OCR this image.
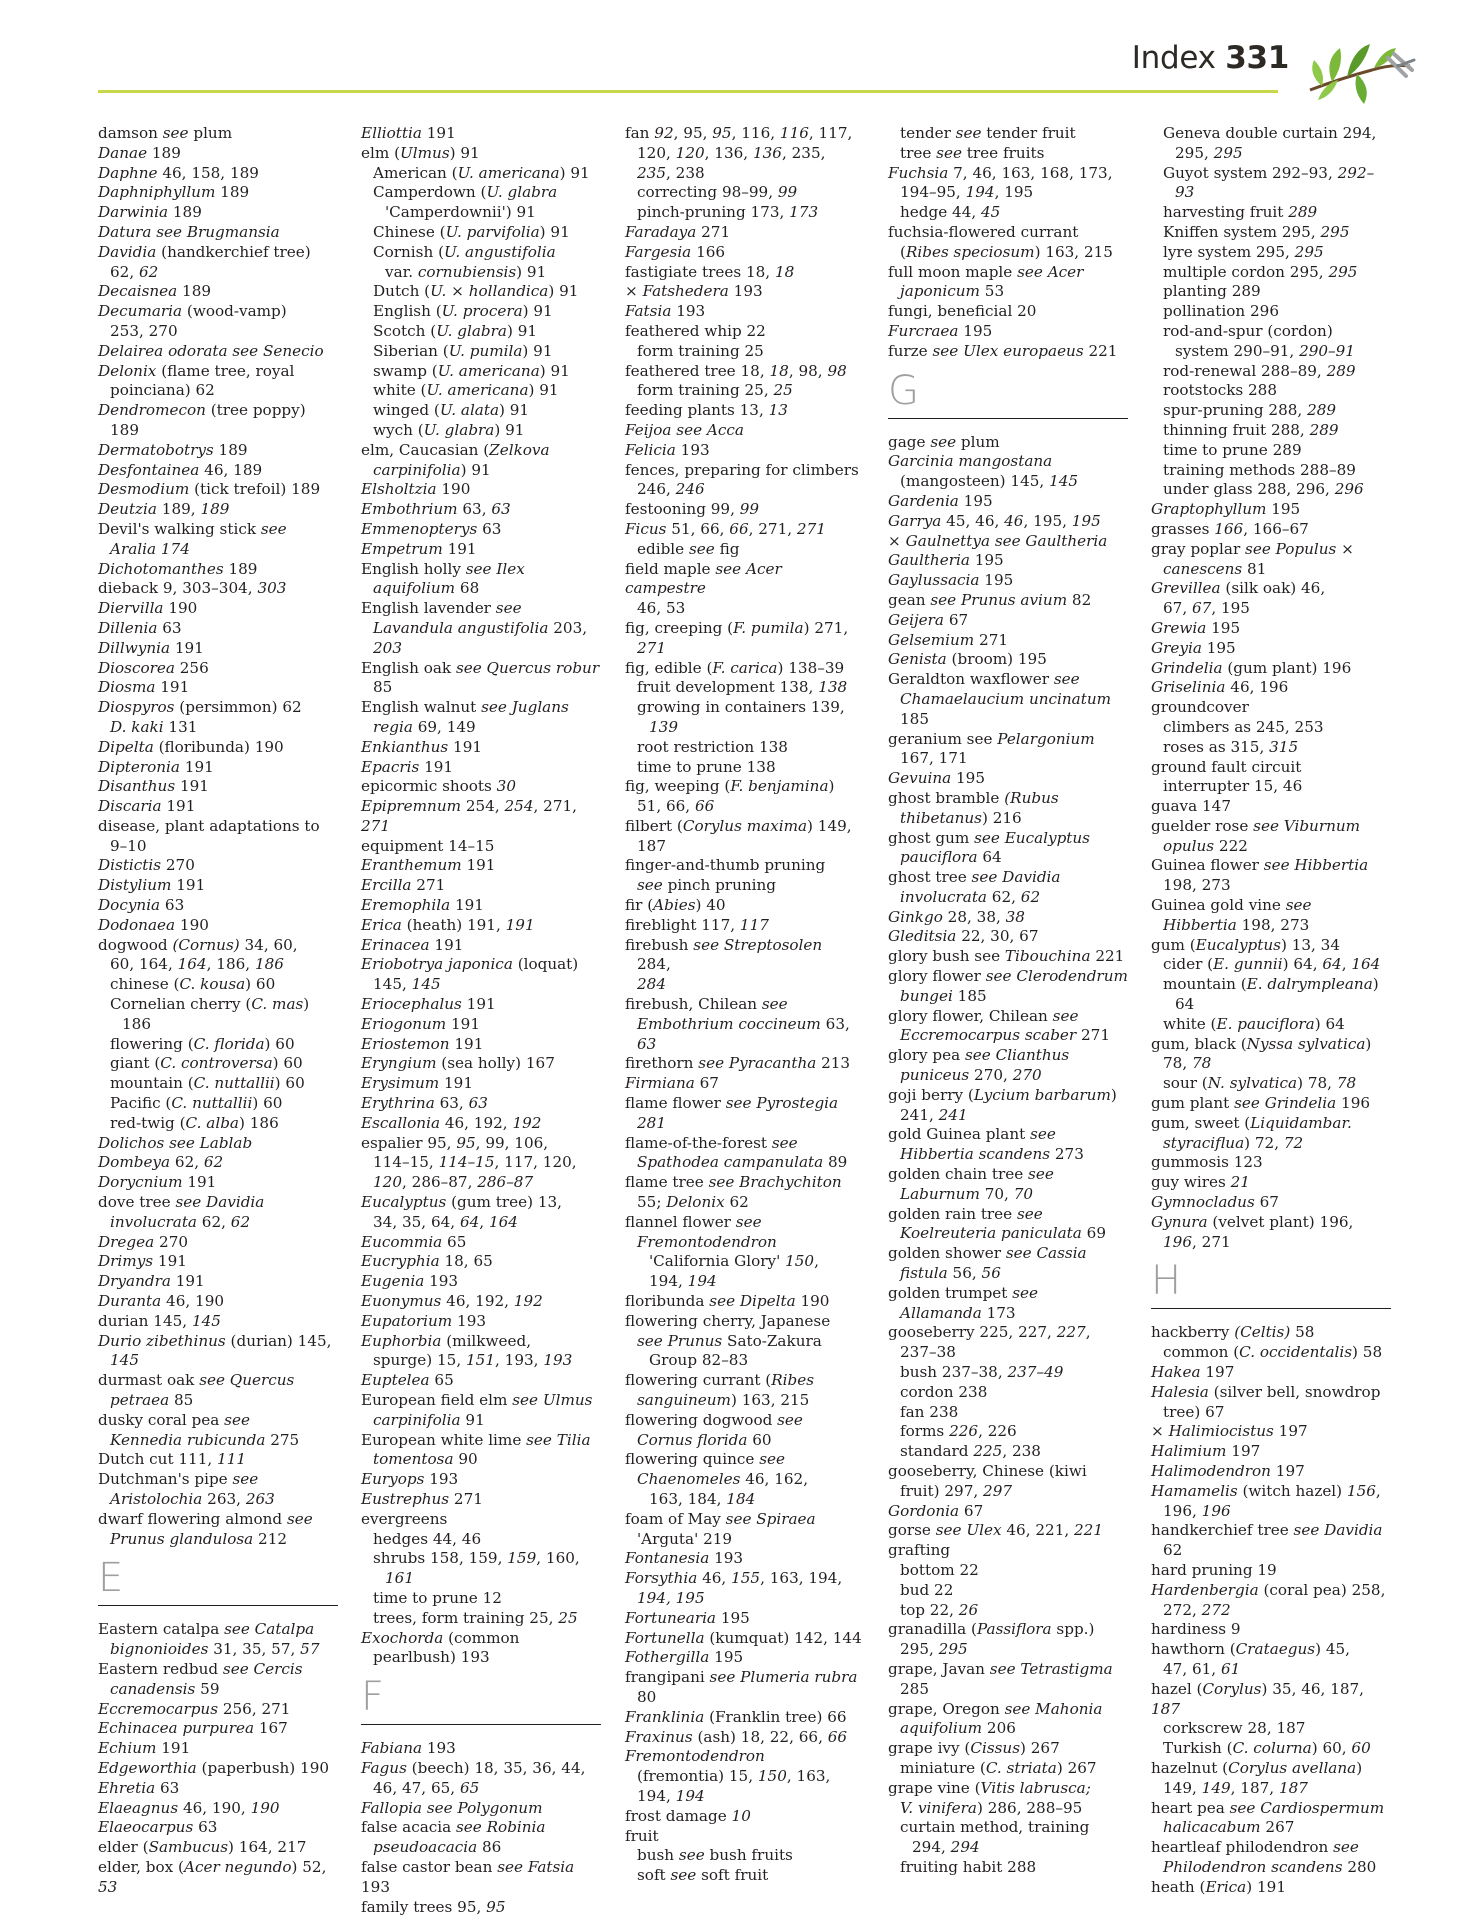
Index 331
damson see plum
Danae 189
Daphne 46, 158, 189
Daphniphyllum 189
Darwinia 189
Datura see Brugmansia
Davidia (handkerchief tree)
62, 62
Decaisnea 189
Decumaria (wood-vamp)
253, 270
Delairea odorata see Senecio
Delonix (flame tree, royal
poinciana) 62
Dendromecon (tree poppy)
189
Dermatobotrys 189
Desfontainea 46, 189
Desmodium (tick trefoil) 189
Deutzia 189, 189
Devil's walking stick see
Aralia 174
Dichotomanthes 189
dieback 9, 303–304, 303
Diervilla 190
Dillenia 63
Dillwynia 191
Dioscorea 256
Diosma 191
Diospyros (persimmon) 62
D. kaki 131
Dipelta (floribunda) 190
Dipteronia 191
Disanthus 191
Discaria 191
disease, plant adaptations to
9–10
Distictis 270
Distylium 191
Docynia 63
Dodonaea 190
dogwood (Cornus) 34, 60,
60, 164, 164, 186, 186
chinese (C. kousa) 60
Cornelian cherry (C. mas)
186
flowering (C. florida) 60
giant (C. controversa) 60
mountain (C. nuttallii) 60
Pacific (C. nuttallii) 60
red-twig (C. alba) 186
Dolichos see Lablab
Dombeya 62, 62
Dorycnium 191
dove tree see Davidia
involucrata 62, 62
Dregea 270
Drimys 191
Dryandra 191
Duranta 46, 190
durian 145, 145
Durio zibethinus (durian) 145,
145
durmast oak see Quercus
petraea 85
dusky coral pea see
Kennedia rubicunda 275
Dutch cut 111, 111
Dutchman's pipe see
Aristolochia 263, 263
dwarf flowering almond see
Prunus glandulosa 212
E
Eastern catalpa see Catalpa
bignonioides 31, 35, 57, 57
Eastern redbud see Cercis
canadensis 59
Eccremocarpus 256, 271
Echinacea purpurea 167
Echium 191
Edgeworthia (paperbush) 190
Ehretia 63
Elaeagnus 46, 190, 190
Elaeocarpus 63
elder (Sambucus) 164, 217
elder, box (Acer negundo) 52, 53
Elliottia 191
elm (Ulmus) 91
American (U. americana) 91
Camperdown (U. glabra
'Camperdownii') 91
Chinese (U. parvifolia) 91
Cornish (U. angustifolia
var. cornubiensis) 91
Dutch (U. × hollandica) 91
English (U. procera) 91
Scotch (U. glabra) 91
Siberian (U. pumila) 91
swamp (U. americana) 91
white (U. americana) 91
winged (U. alata) 91
wych (U. glabra) 91
elm, Caucasian (Zelkova
carpinifolia) 91
Elsholtzia 190
Embothrium 63, 63
Emmenopterys 63
Empetrum 191
English holly see Ilex
aquifolium 68
English lavender see
Lavandula angustifolia 203,
203
English oak see Quercus robur
85
English walnut see Juglans
regia 69, 149
Enkianthus 191
Epacris 191
epicormic shoots 30
Epipremnum 254, 254, 271, 271
equipment 14–15
Eranthemum 191
Ercilla 271
Eremophila 191
Erica (heath) 191, 191
Erinacea 191
Eriobotrya japonica (loquat)
145, 145
Eriocephalus 191
Eriogonum 191
Eriostemon 191
Eryngium (sea holly) 167
Erysimum 191
Erythrina 63, 63
Escallonia 46, 192, 192
espalier 95, 95, 99, 106,
114–15, 114–15, 117, 120,
120, 286–87, 286–87
Eucalyptus (gum tree) 13,
34, 35, 64, 64, 164
Eucommia 65
Eucryphia 18, 65
Eugenia 193
Euonymus 46, 192, 192
Eupatorium 193
Euphorbia (milkweed,
spurge) 15, 151, 193, 193
Euptelea 65
European field elm see Ulmus
carpinifolia 91
European white lime see Tilia
tomentosa 90
Euryops 193
Eustrephus 271
evergreens
hedges 44, 46
shrubs 158, 159, 159, 160,
161
time to prune 12
trees, form training 25, 25
Exochorda (common
pearlbush) 193
F
Fabiana 193
Fagus (beech) 18, 35, 36, 44,
46, 47, 65, 65
Fallopia see Polygonum
false acacia see Robinia
pseudoacacia 86
false castor bean see Fatsia 193
family trees 95, 95
fan 92, 95, 95, 116, 116, 117,
120, 120, 136, 136, 235,
235, 238
correcting 98–99, 99
pinch-pruning 173, 173
Faradaya 271
Fargesia 166
fastigiate trees 18, 18
× Fatshedera 193
Fatsia 193
feathered whip 22
form training 25
feathered tree 18, 18, 98, 98
form training 25, 25
feeding plants 13, 13
Feijoa see Acca
Felicia 193
fences, preparing for climbers
246, 246
festooning 99, 99
Ficus 51, 66, 66, 271, 271
edible see fig
field maple see Acer campestre
46, 53
fig, creeping (F. pumila) 271,
271
fig, edible (F. carica) 138–39
fruit development 138, 138
growing in containers 139,
139
root restriction 138
time to prune 138
fig, weeping (F. benjamina)
51, 66, 66
filbert (Corylus maxima) 149,
187
finger-and-thumb pruning
see pinch pruning
fir (Abies) 40
fireblight 117, 117
firebush see Streptosolen
284,
284
firebush, Chilean see
Embothrium coccineum 63,
63
firethorn see Pyracantha 213
Firmiana 67
flame flower see Pyrostegia
281
flame-of-the-forest see
Spathodea campanulata 89
flame tree see Brachychiton
55; Delonix 62
flannel flower see
Fremontodendron
'California Glory' 150,
194, 194
floribunda see Dipelta 190
flowering cherry, Japanese
see Prunus Sato-Zakura
Group 82–83
flowering currant (Ribes
sanguineum) 163, 215
flowering dogwood see
Cornus florida 60
flowering quince see
Chaenomeles 46, 162,
163, 184, 184
foam of May see Spiraea
'Arguta' 219
Fontanesia 193
Forsythia 46, 155, 163, 194,
194, 195
Fortunearia 195
Fortunella (kumquat) 142, 144
Fothergilla 195
frangipani see Plumeria rubra
80
Franklinia (Franklin tree) 66
Fraxinus (ash) 18, 22, 66, 66
Fremontodendron
(fremontia) 15, 150, 163,
194, 194
frost damage 10
fruit
bush see bush fruits
soft see soft fruit
tender see tender fruit
tree see tree fruits
Fuchsia 7, 46, 163, 168, 173,
194–95, 194, 195
hedge 44, 45
fuchsia-flowered currant
(Ribes speciosum) 163, 215
full moon maple see Acer
japonicum 53
fungi, beneficial 20
Furcraea 195
furze see Ulex europaeus 221
G
gage see plum
Garcinia mangostana
(mangosteen) 145, 145
Gardenia 195
Garrya 45, 46, 46, 195, 195
× Gaulnettya see Gaultheria
Gaultheria 195
Gaylussacia 195
gean see Prunus avium 82
Geijera 67
Gelsemium 271
Genista (broom) 195
Geraldton waxflower see
Chamaelaucium uncinatum
185
geranium see Pelargonium
167, 171
Gevuina 195
ghost bramble (Rubus
thibetanus) 216
ghost gum see Eucalyptus
pauciflora 64
ghost tree see Davidia
involucrata 62, 62
Ginkgo 28, 38, 38
Gleditsia 22, 30, 67
glory bush see Tibouchina 221
glory flower see Clerodendrum
bungei 185
glory flower, Chilean see
Eccremocarpus scaber 271
glory pea see Clianthus
puniceus 270, 270
goji berry (Lycium barbarum)
241, 241
gold Guinea plant see
Hibbertia scandens 273
golden chain tree see
Laburnum 70, 70
golden rain tree see
Koelreuteria paniculata 69
golden shower see Cassia
fistula 56, 56
golden trumpet see
Allamanda 173
gooseberry 225, 227, 227,
237–38
bush 237–38, 237–49
cordon 238
fan 238
forms 226, 226
standard 225, 238
gooseberry, Chinese (kiwi
fruit) 297, 297
Gordonia 67
gorse see Ulex 46, 221, 221
grafting
bottom 22
bud 22
top 22, 26
granadilla (Passiflora spp.)
295, 295
grape, Javan see Tetrastigma
285
grape, Oregon see Mahonia
aquifolium 206
grape ivy (Cissus) 267
miniature (C. striata) 267
grape vine (Vitis labrusca;
V. vinifera) 286, 288–95
curtain method, training
294, 294
fruiting habit 288
Geneva double curtain 294,
295, 295
Guyot system 292–93, 292–
93
harvesting fruit 289
Kniffen system 295, 295
lyre system 295, 295
multiple cordon 295, 295
planting 289
pollination 296
rod-and-spur (cordon)
system 290–91, 290–91
rod-renewal 288–89, 289
rootstocks 288
spur-pruning 288, 289
thinning fruit 288, 289
time to prune 289
training methods 288–89
under glass 288, 296, 296
Graptophyllum 195
grasses 166, 166–67
gray poplar see Populus ×
canescens 81
Grevillea (silk oak) 46,
67, 67, 195
Grewia 195
Greyia 195
Grindelia (gum plant) 196
Griselinia 46, 196
groundcover
climbers as 245, 253
roses as 315, 315
ground fault circuit
interrupter 15, 46
guava 147
guelder rose see Viburnum
opulus 222
Guinea flower see Hibbertia
198, 273
Guinea gold vine see
Hibbertia 198, 273
gum (Eucalyptus) 13, 34
cider (E. gunnii) 64, 64, 164
mountain (E. dalrympleana)
64
white (E. pauciflora) 64
gum, black (Nyssa sylvatica)
78, 78
sour (N. sylvatica) 78, 78
gum plant see Grindelia 196
gum, sweet (Liquidambar.
styraciflua) 72, 72
gummosis 123
guy wires 21
Gymnocladus 67
Gynura (velvet plant) 196,
196, 271
H
hackberry (Celtis) 58
common (C. occidentalis) 58
Hakea 197
Halesia (silver bell, snowdrop
tree) 67
× Halimiocistus 197
Halimium 197
Halimodendron 197
Hamamelis (witch hazel) 156,
196, 196
handkerchief tree see Davidia
62
hard pruning 19
Hardenbergia (coral pea) 258,
272, 272
hardiness 9
hawthorn (Crataegus) 45,
47, 61, 61
hazel (Corylus) 35, 46, 187, 187
corkscrew 28, 187
Turkish (C. colurna) 60, 60
hazelnut (Corylus avellana)
149, 149, 187, 187
heart pea see Cardiospermum
halicacabum 267
heartleaf philodendron see
Philodendron scandens 280
heath (Erica) 191
